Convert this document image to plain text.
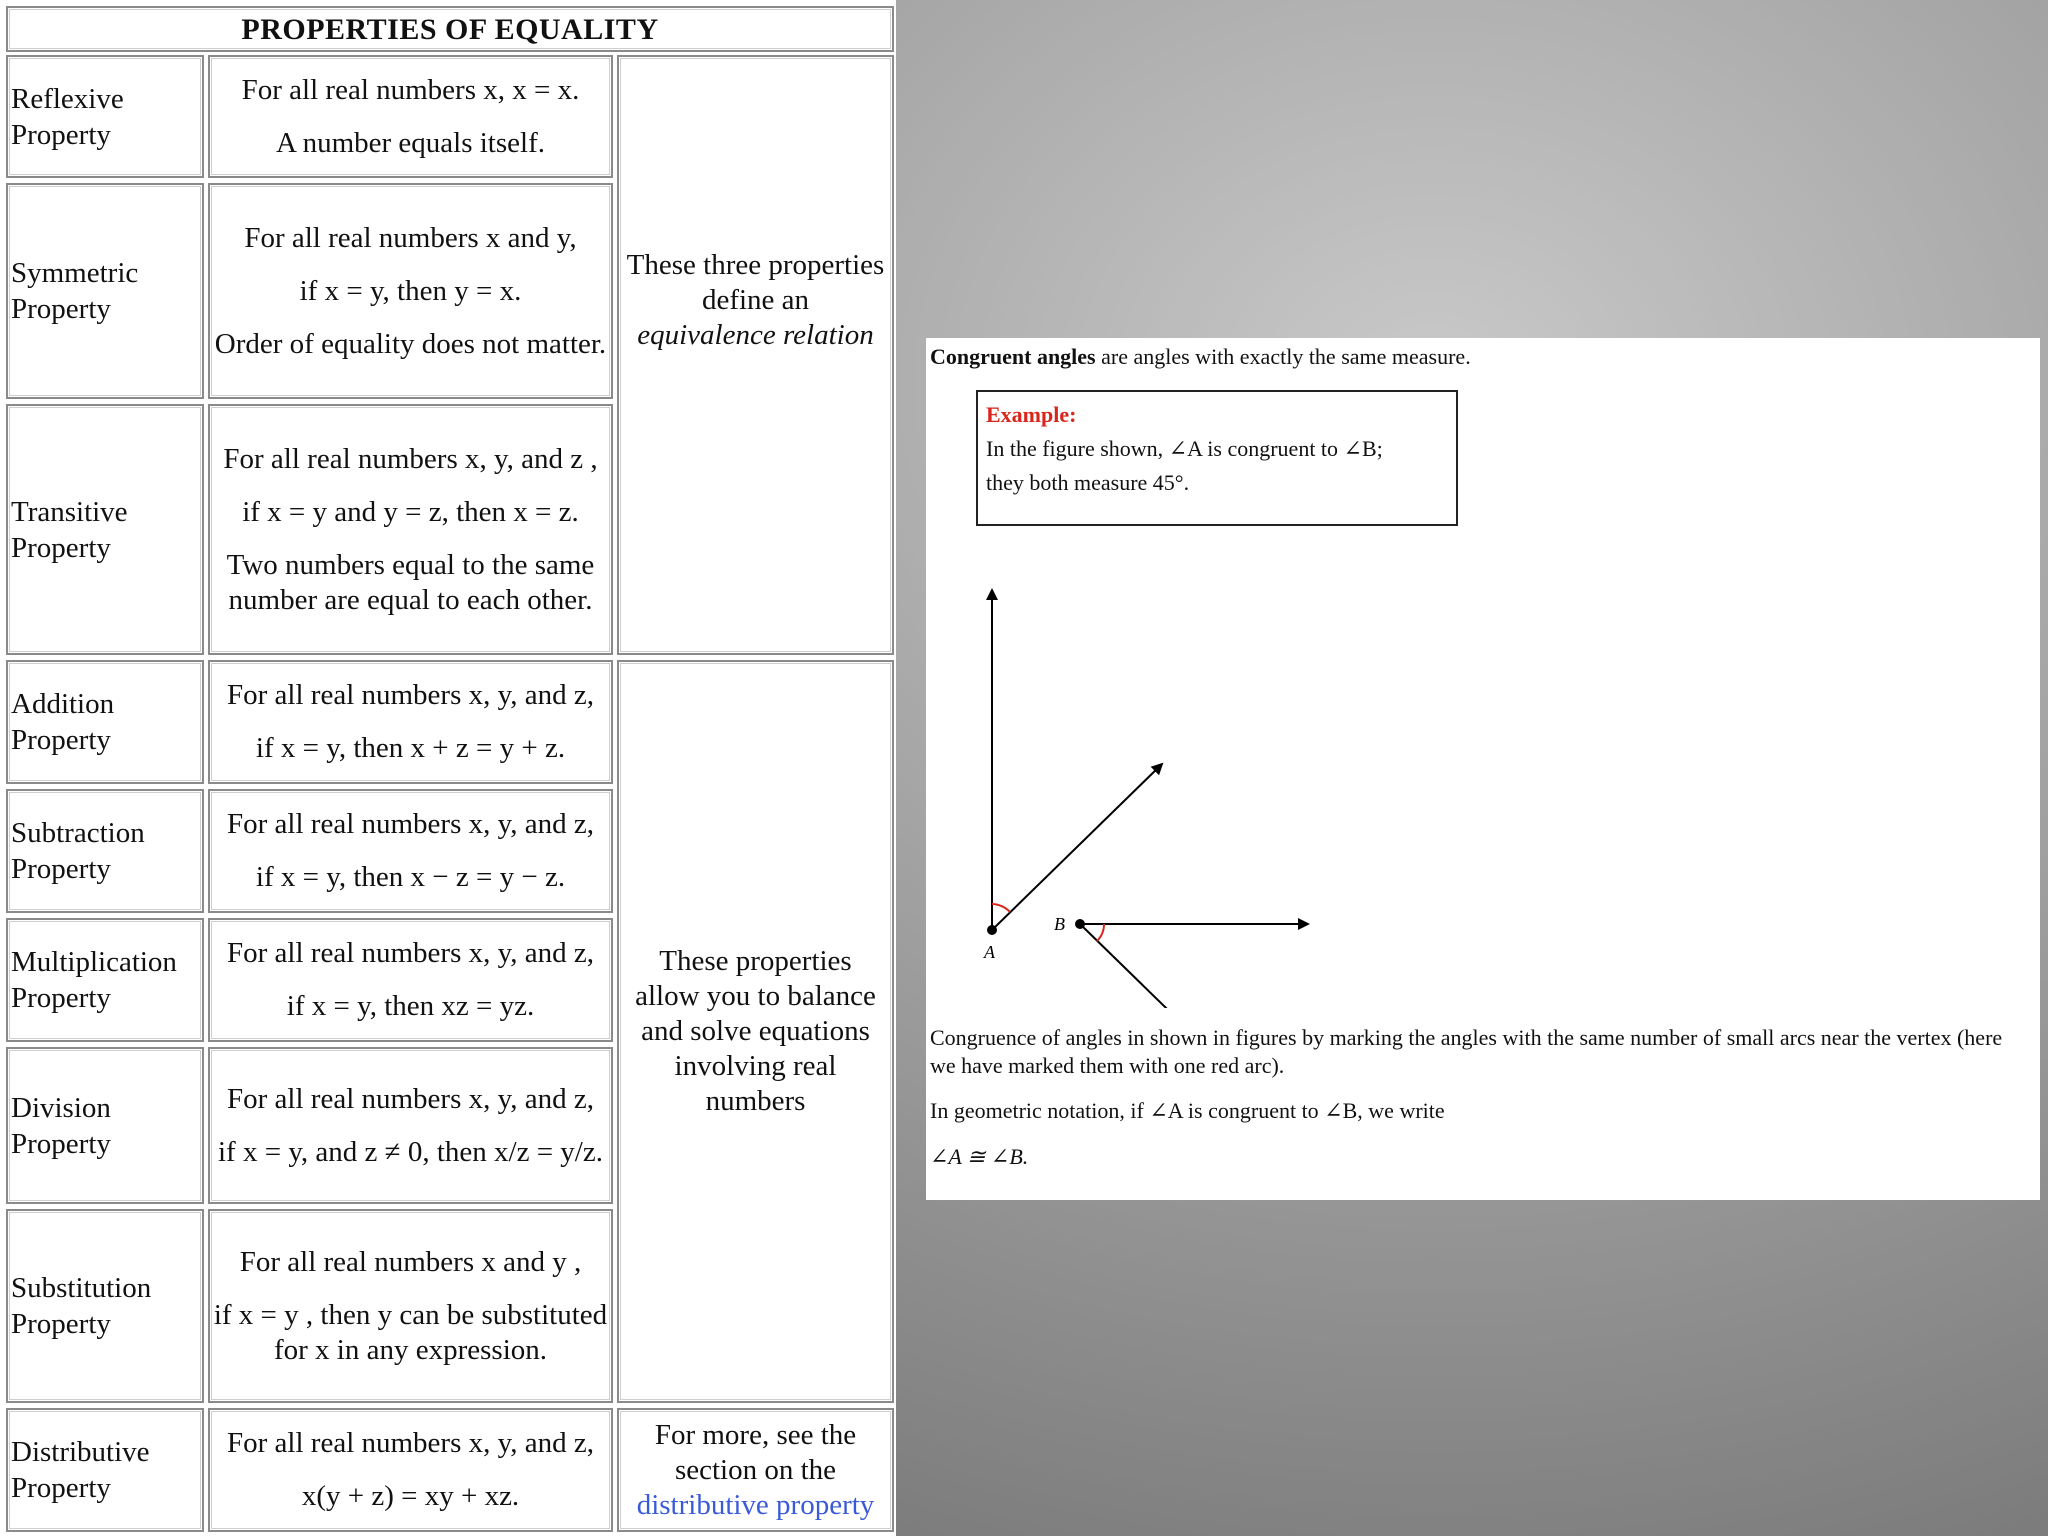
PROPERTIES OF EQUALITY
Reflexive
Property
For all real numbers x, x = x.
A number equals itself.
Symmetric
Property
For all real numbers x and y,
if x = y, then y = x.
Order of equality does not matter.
These three properties define an
equivalence relation
Transitive
Property
For all real numbers x, y, and z ,
if x = y and y = z, then x = z.
Two numbers equal to the same number are equal to each other.
Addition
Property
For all real numbers x, y, and z,
if x = y, then x + z = y + z.
These properties allow you to balance and solve equations involving real numbers
Subtraction
Property
For all real numbers x, y, and z,
if x = y, then x − z = y − z.
Multiplication
Property
For all real numbers x, y, and z,
if x = y, then xz = yz.
Division
Property
For all real numbers x, y, and z,
if x = y, and z ≠ 0, then x/z = y/z.
Substitution
Property
For all real numbers x and y ,
if x = y , then y can be substituted for x in any expression.
Distributive
Property
For all real numbers x, y, and z,
x(y + z) = xy + xz.
For more, see the section on the
distributive property
Congruent angles are angles with exactly the same measure.
Example:
In the figure shown, ∠A is congruent to ∠B;
they both measure 45°.
A
B
Congruence of angles in shown in figures by marking the angles with the same number of small arcs near the vertex (here we have marked them with one red arc).
In geometric notation, if ∠A is congruent to ∠B, we write
∠A ≅ ∠B.
